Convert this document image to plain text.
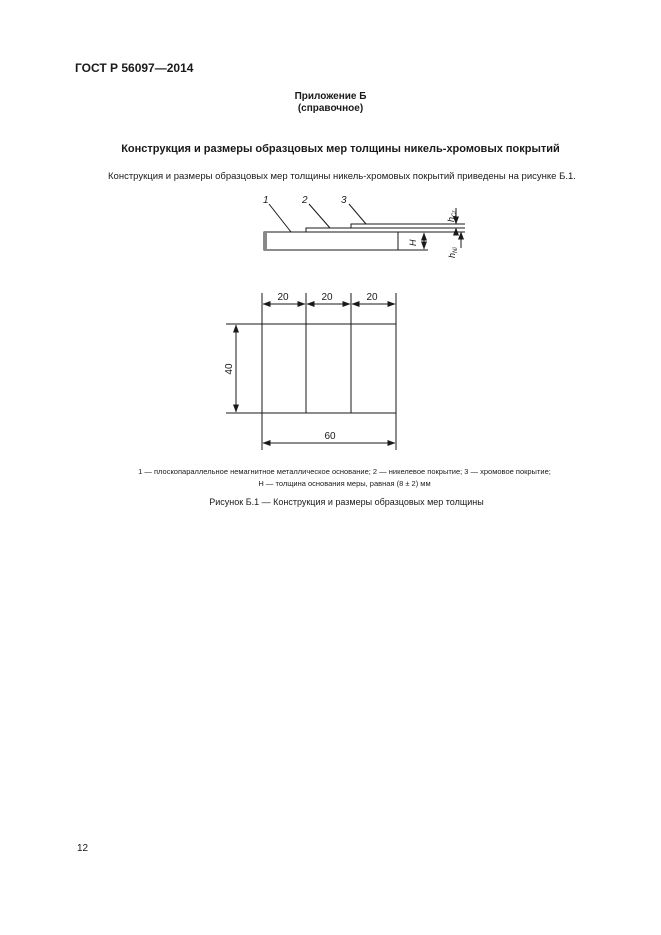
ГОСТ Р 56097—2014
Приложение Б
(справочное)
Конструкция и размеры образцовых мер толщины никель-хромовых покрытий
Конструкция и размеры образцовых мер толщины никель-хромовых покрытий приведены на рисунке Б.1.
1	2	3
H
$h_{Cr}$
$h_{Ni}$
20	20	20
40
60
1 — плоскопараллельное немагнитное металлическое основание; 2 — никелевое покрытие; 3 — хромовое покрытие;
H — толщина основания меры, равная (8 ± 2) мм
Рисунок Б.1 — Конструкция и размеры образцовых мер толщины
12
